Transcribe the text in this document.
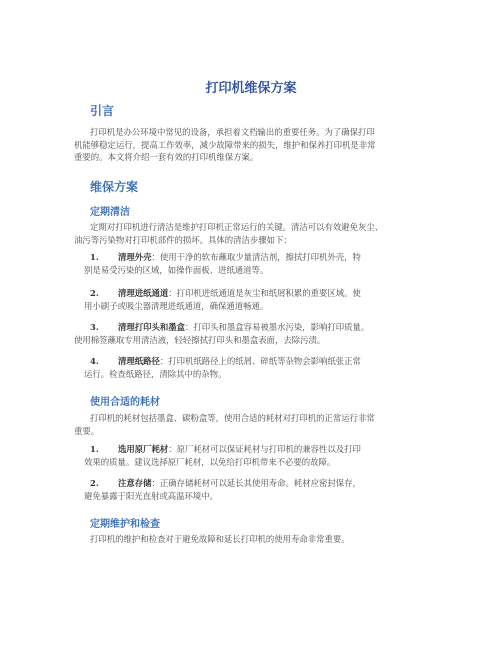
打印机维保方案
引言
打印机是办公环境中常见的设备，承担着文档输出的重要任务。为了确保打印
机能够稳定运行，提高工作效率，减少故障带来的损失，维护和保养打印机是非常
重要的。本文将介绍一套有效的打印机维保方案。
维保方案
定期清洁
定期对打印机进行清洁是维护打印机正常运行的关键。清洁可以有效避免灰尘、
油污等污染物对打印机部件的损坏。具体的清洁步骤如下：
1. 清理外壳：使用干净的软布蘸取少量清洁剂，擦拭打印机外壳，特
别是易受污染的区域，如操作面板、进纸通道等。
2. 清理进纸通道：打印机进纸通道是灰尘和纸屑积累的重要区域。使
用小刷子或吸尘器清理进纸通道，确保通道畅通。
3. 清理打印头和墨盒：打印头和墨盒容易被墨水污染，影响打印质量。
使用棉签蘸取专用清洁液，轻轻擦拭打印头和墨盒表面，去除污渍。
4. 清理纸路径：打印机纸路径上的纸屑、碎纸等杂物会影响纸张正常
运行。检查纸路径，清除其中的杂物。
使用合适的耗材
打印机的耗材包括墨盒、碳粉盒等，使用合适的耗材对打印机的正常运行非常
重要。
1. 选用原厂耗材：原厂耗材可以保证耗材与打印机的兼容性以及打印
效果的质量。建议选择原厂耗材，以免给打印机带来不必要的故障。
2. 注意存储：正确存储耗材可以延长其使用寿命。耗材应密封保存，
避免暴露于阳光直射或高温环境中。
定期维护和检查
打印机的维护和检查对于避免故障和延长打印机的使用寿命非常重要。
